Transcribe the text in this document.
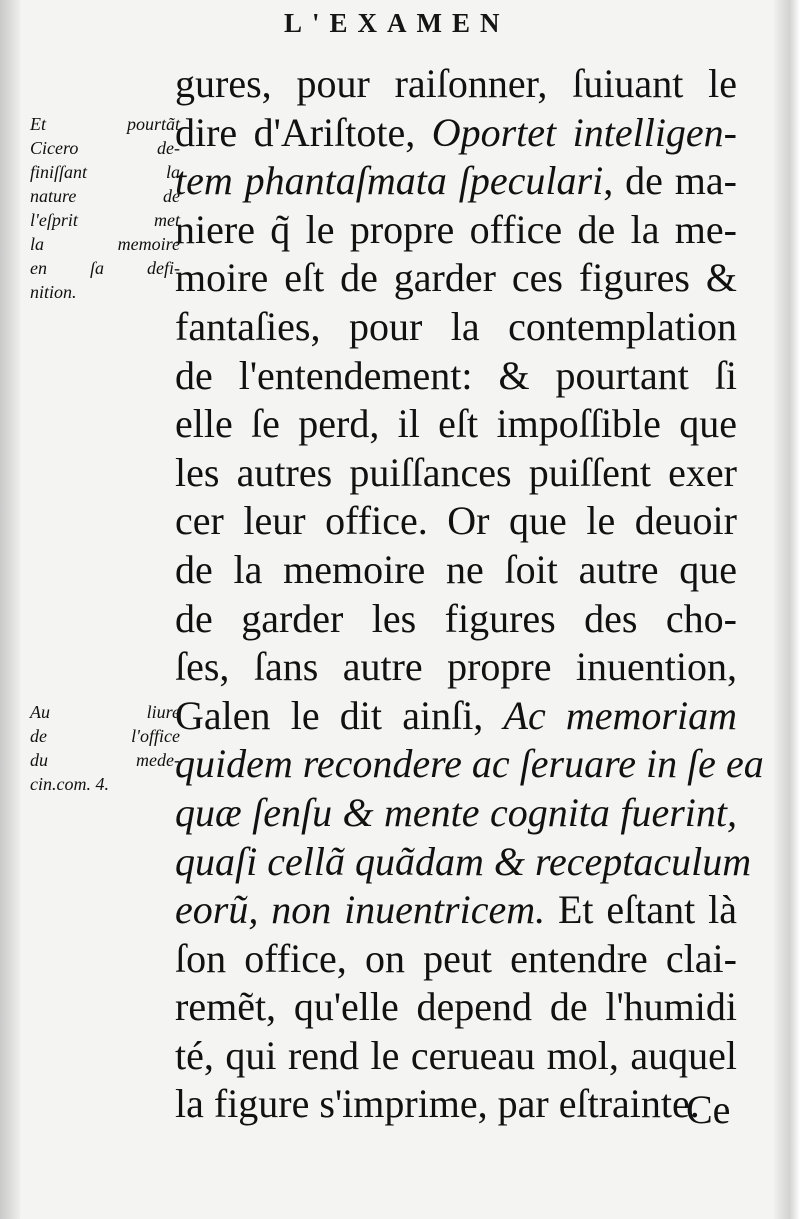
L'EXAMEN
Et pourtãt
Cicero de-
finiſſant la
nature de
l'eſprit met
la memoire
en ſa defi-
nition.
Au liure
de l'office
du mede-
cin.com. 4.
gures, pour raiſonner, ſuiuant le
dire d'Ariſtote, Oportet intelligen-
tem phantaſmata ſpeculari, de ma-
niere q̃ le propre office de la me-
moire eſt de garder ces figures &
fantaſies, pour la contemplation
de l'entendement: & pourtant ſi
elle ſe perd, il eſt impoſſible que
les autres puiſſances puiſſent exer
cer leur office. Or que le deuoir
de la memoire ne ſoit autre que
de garder les figures des cho-
ſes, ſans autre propre inuention,
Galen le dit ainſi, Ac memoriam
quidem recondere ac ſeruare in ſe ea
quæ ſenſu & mente cognita fuerint,
quaſi cellã quãdam & receptaculum
eorũ, non inuentricem. Et eſtant là
ſon office, on peut entendre clai-
remẽt, qu'elle depend de l'humidi
té, qui rend le cerueau mol, auquel
la figure s'imprime, par eſtrainte.
Ce
